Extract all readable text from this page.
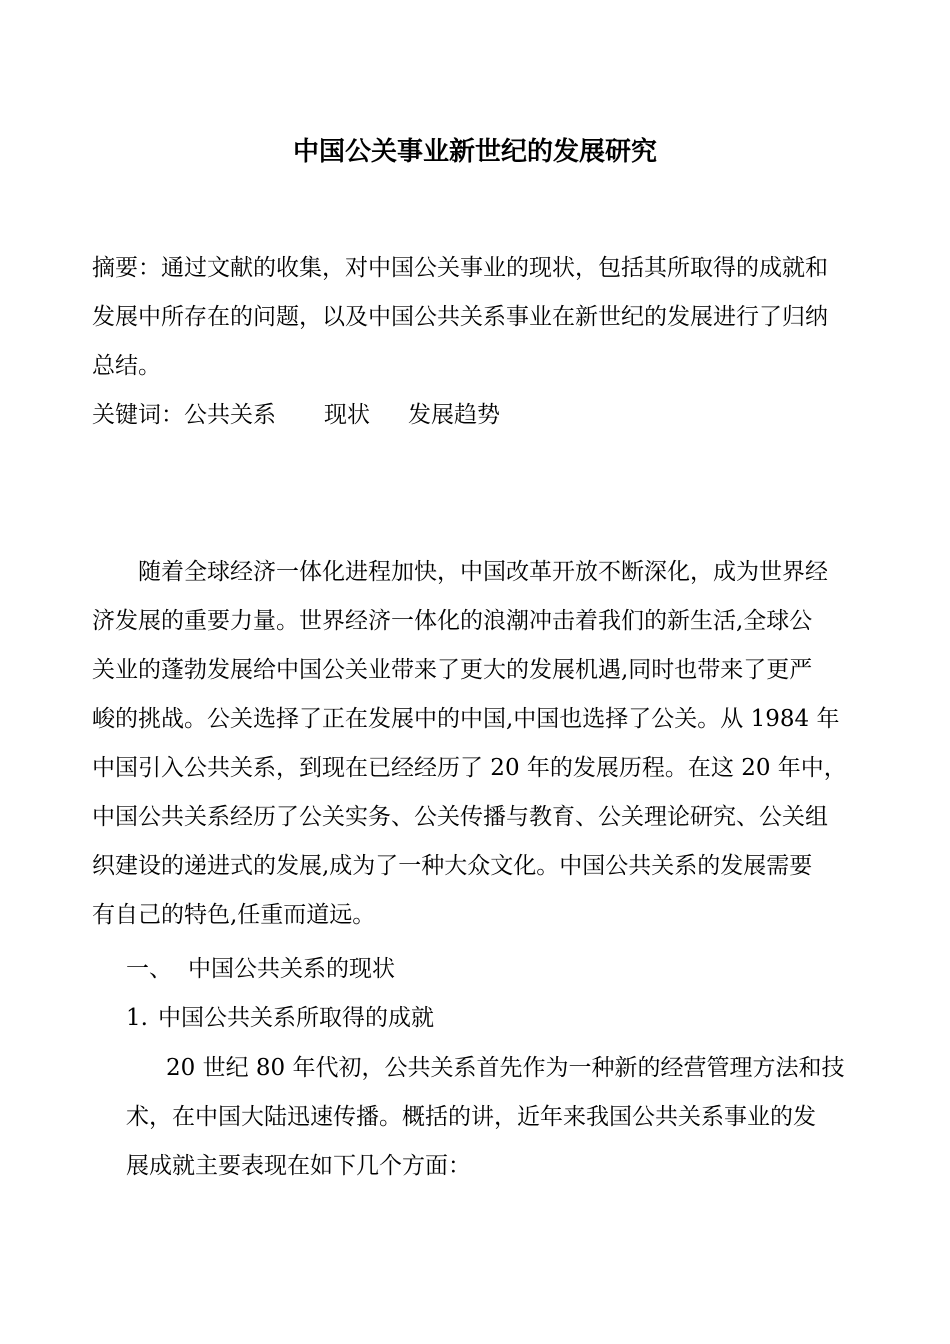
中国公关事业新世纪的发展研究
摘要：通过文献的收集，对中国公关事业的现状，包括其所取得的成就和
发展中所存在的问题，以及中国公共关系事业在新世纪的发展进行了归纳
总结。
关键词：公共关系 现状 发展趋势
随着全球经济一体化进程加快，中国改革开放不断深化，成为世界经
济发展的重要力量。世界经济一体化的浪潮冲击着我们的新生活,全球公
关业的蓬勃发展给中国公关业带来了更大的发展机遇,同时也带来了更严
峻的挑战。公关选择了正在发展中的中国,中国也选择了公关。从 1984 年
中国引入公共关系，到现在已经经历了 20 年的发展历程。在这 20 年中，
中国公共关系经历了公关实务、公关传播与教育、公关理论研究、公关组
织建设的递进式的发展,成为了一种大众文化。中国公共关系的发展需要
有自己的特色,任重而道远。
一、 中国公共关系的现状
1. 中国公共关系所取得的成就
20 世纪 80 年代初，公共关系首先作为一种新的经营管理方法和技
术，在中国大陆迅速传播。概括的讲，近年来我国公共关系事业的发
展成就主要表现在如下几个方面：
